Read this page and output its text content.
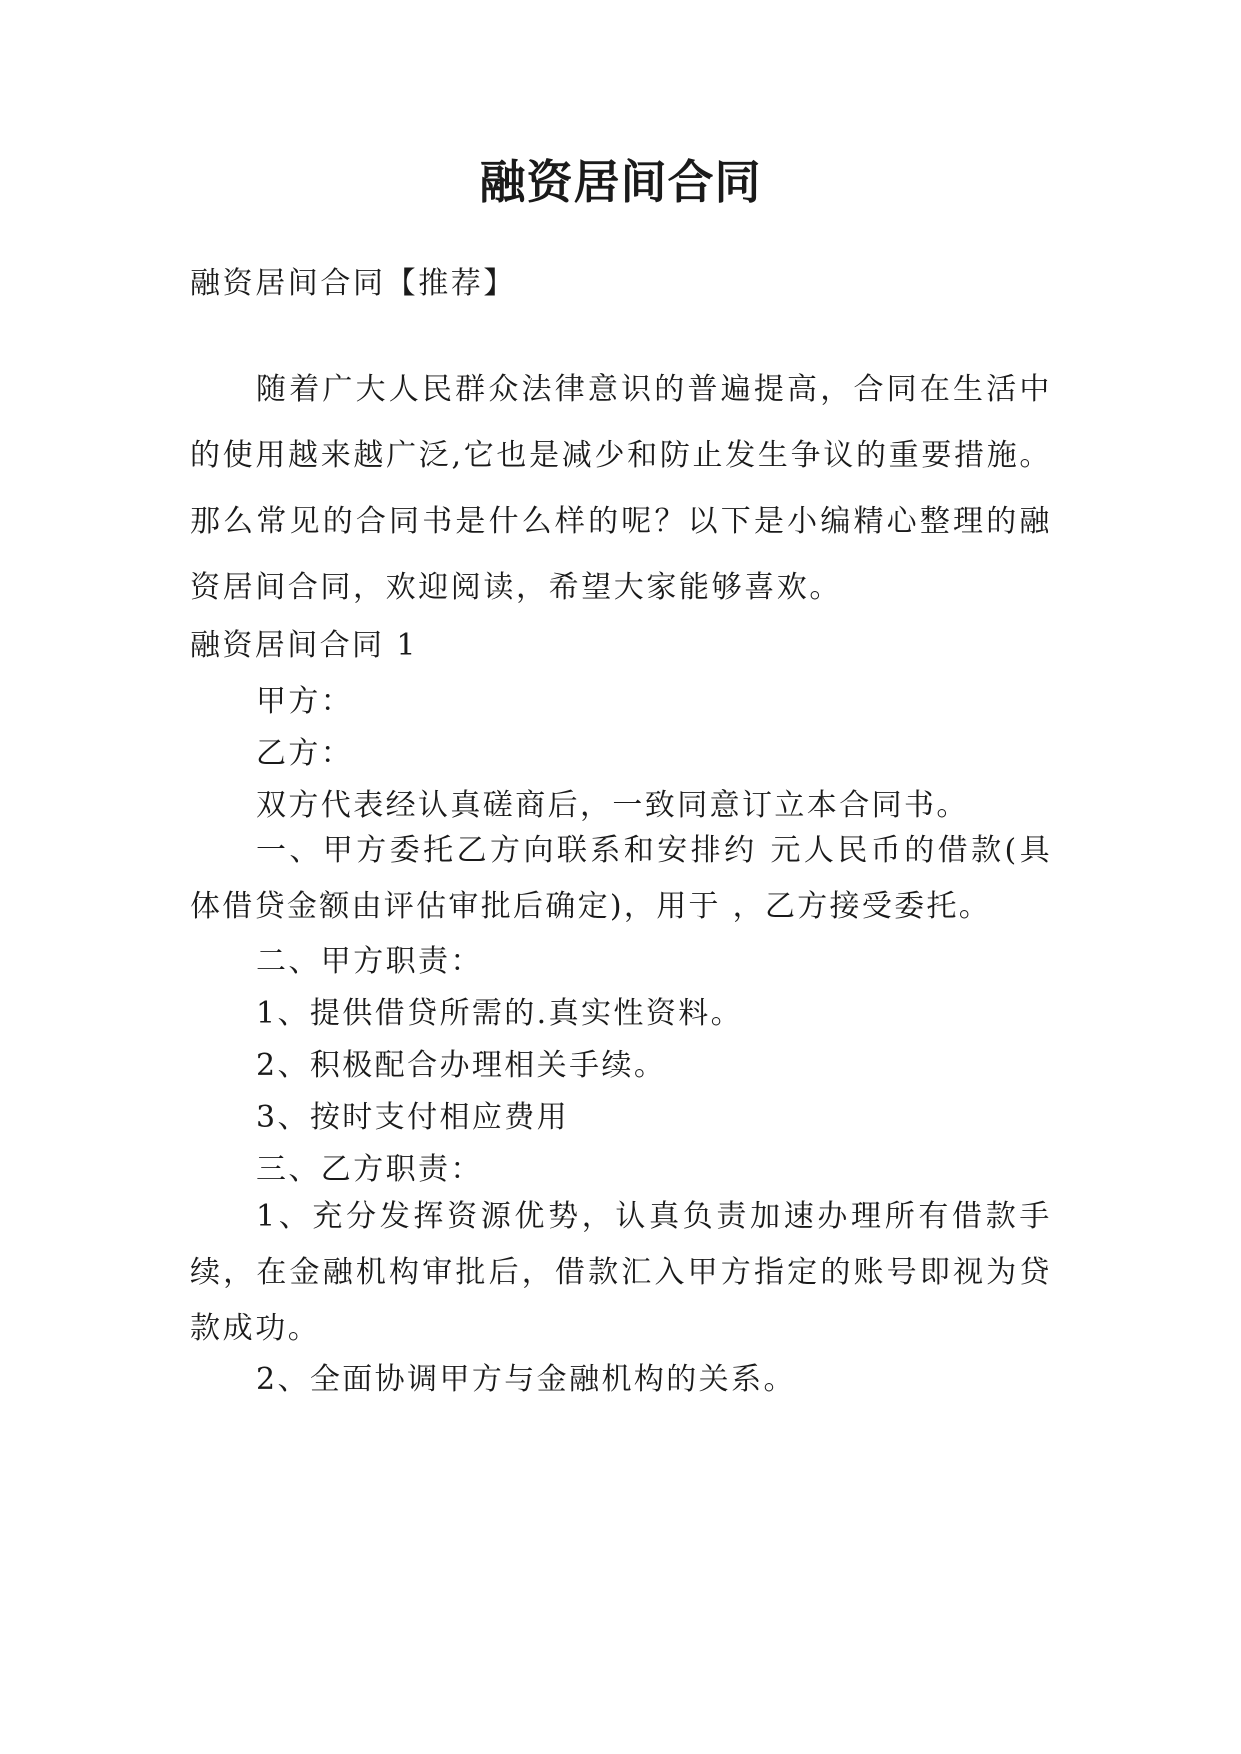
融资居间合同

融资居间合同【推荐】

随着广大人民群众法律意识的普遍提高，合同在生活中的使用越来越广泛,它也是减少和防止发生争议的重要措施。那么常见的合同书是什么样的呢？以下是小编精心整理的融资居间合同，欢迎阅读，希望大家能够喜欢。

融资居间合同 1

甲方：

乙方：

双方代表经认真磋商后，一致同意订立本合同书。

一、甲方委托乙方向联系和安排约 元人民币的借款(具体借贷金额由评估审批后确定)，用于 ，乙方接受委托。

二、甲方职责：

1、提供借贷所需的.真实性资料。

2、积极配合办理相关手续。

3、按时支付相应费用

三、乙方职责：

1、充分发挥资源优势，认真负责加速办理所有借款手续，在金融机构审批后，借款汇入甲方指定的账号即视为贷款成功。

2、全面协调甲方与金融机构的关系。
